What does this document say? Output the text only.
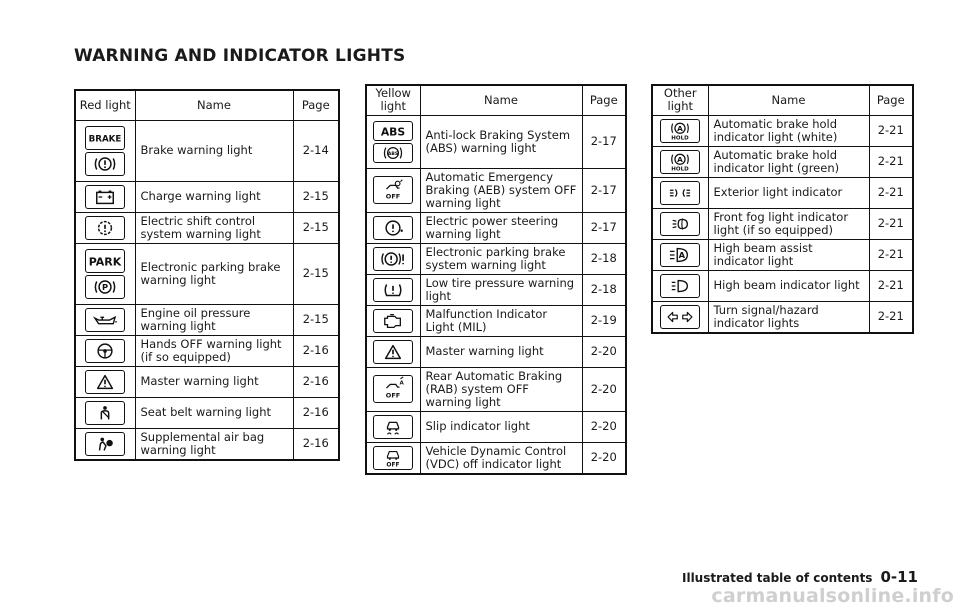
WARNING AND INDICATOR LIGHTS
Red light	Name	Page

BRAKE	Brake warning light	2-14

	Charge warning light	2-15

	Electric shift control system warning light	2-15

PARK
P	Electronic parking brake warning light	2-15

	Engine oil pressure warning light	2-15

	Hands OFF warning light (if so equipped)	2-16

	Master warning light	2-16

	Seat belt warning light	2-16

	Supplemental air bag warning light	2-16
Yellow light	Name	Page

ABS
ABS	Anti-lock Braking System (ABS) warning light	2-17

OFF	Automatic Emergency Braking (AEB) system OFF warning light	2-17

	Electric power steering warning light	2-17

	Electronic parking brake system warning light	2-18

	Low tire pressure warning light	2-18

	Malfunction Indicator Light (MIL)	2-19

	Master warning light	2-20

A
OFF	Rear Automatic Braking (RAB) system OFF warning light	2-20

	Slip indicator light	2-20

OFF	Vehicle Dynamic Control (VDC) off indicator light	2-20
Other light	Name	Page

A
HOLD	Automatic brake hold indicator light (white)	2-21

A
HOLD	Automatic brake hold indicator light (green)	2-21

	Exterior light indicator	2-21

	Front fog light indicator light (if so equipped)	2-21

A	High beam assist indicator light	2-21

	High beam indicator light	2-21

	Turn signal/hazard indicator lights	2-21
Illustrated table of contents 0-11
carmanualsonline.info
